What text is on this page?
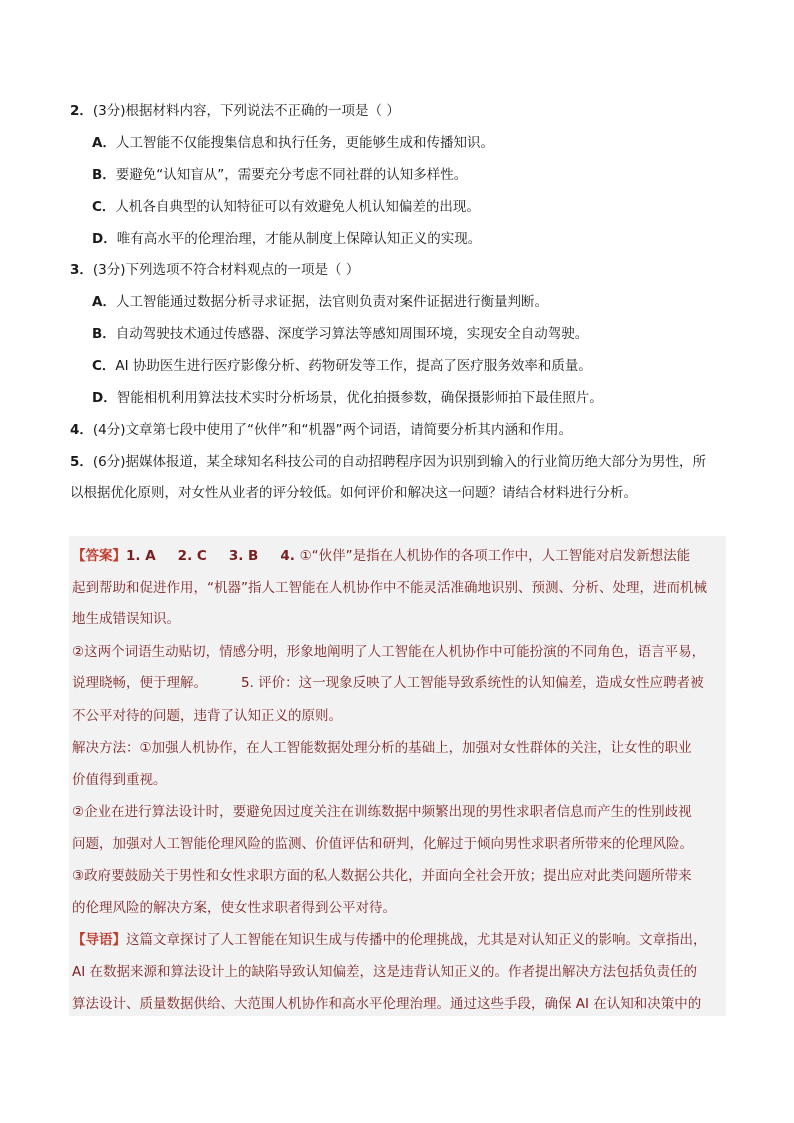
2．(3分)根据材料内容，下列说法不正确的一项是（ ）
A．人工智能不仅能搜集信息和执行任务，更能够生成和传播知识。
B．要避免“认知盲从”，需要充分考虑不同社群的认知多样性。
C．人机各自典型的认知特征可以有效避免人机认知偏差的出现。
D．唯有高水平的伦理治理，才能从制度上保障认知正义的实现。
3．(3分)下列选项不符合材料观点的一项是（ ）
A．人工智能通过数据分析寻求证据，法官则负责对案件证据进行衡量判断。
B．自动驾驶技术通过传感器、深度学习算法等感知周围环境，实现安全自动驾驶。
C．AI 协助医生进行医疗影像分析、药物研发等工作，提高了医疗服务效率和质量。
D．智能相机利用算法技术实时分析场景，优化拍摄参数，确保摄影师拍下最佳照片。
4．(4分)文章第七段中使用了“伙伴”和“机器”两个词语，请简要分析其内涵和作用。
5．(6分)据媒体报道，某全球知名科技公司的自动招聘程序因为识别到输入的行业简历绝大部分为男性，所
以根据优化原则，对女性从业者的评分较低。如何评价和解决这一问题？请结合材料进行分析。
【答案】1. A 2. C 3. B 4. ①“伙伴”是指在人机协作的各项工作中，人工智能对启发新想法能
起到帮助和促进作用，“机器”指人工智能在人机协作中不能灵活准确地识别、预测、分析、处理，进而机械
地生成错误知识。
②这两个词语生动贴切，情感分明，形象地阐明了人工智能在人机协作中可能扮演的不同角色，语言平易，
说理晓畅，便于理解。	5. 评价：这一现象反映了人工智能导致系统性的认知偏差，造成女性应聘者被
不公平对待的问题，违背了认知正义的原则。
解决方法：①加强人机协作，在人工智能数据处理分析的基础上，加强对女性群体的关注，让女性的职业
价值得到重视。
②企业在进行算法设计时，要避免因过度关注在训练数据中频繁出现的男性求职者信息而产生的性别歧视
问题，加强对人工智能伦理风险的监测、价值评估和研判，化解过于倾向男性求职者所带来的伦理风险。
③政府要鼓励关于男性和女性求职方面的私人数据公共化，并面向全社会开放；提出应对此类问题所带来
的伦理风险的解决方案，使女性求职者得到公平对待。
【导语】这篇文章探讨了人工智能在知识生成与传播中的伦理挑战，尤其是对认知正义的影响。文章指出，
AI 在数据来源和算法设计上的缺陷导致认知偏差，这是违背认知正义的。作者提出解决方法包括负责任的
算法设计、质量数据供给、大范围人机协作和高水平伦理治理。通过这些手段，确保 AI 在认知和决策中的
